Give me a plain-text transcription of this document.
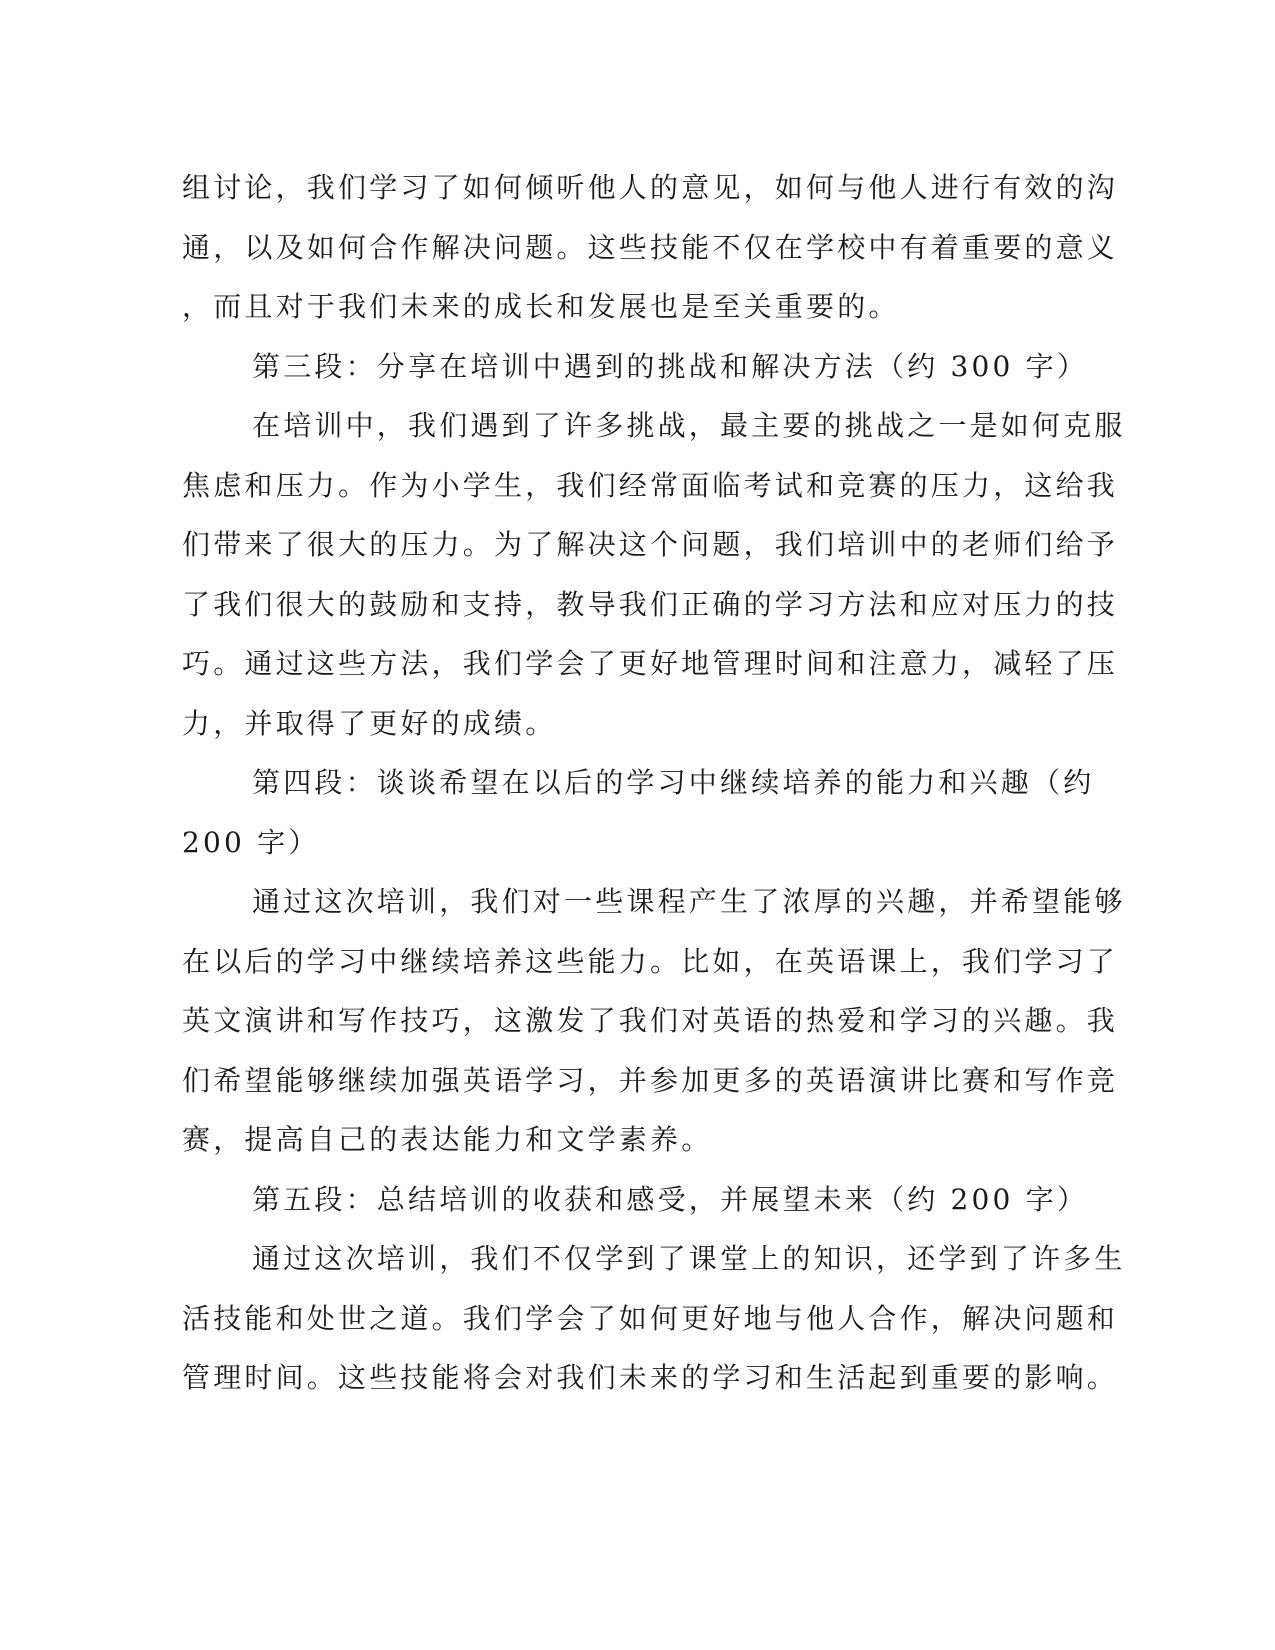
组讨论，我们学习了如何倾听他人的意见，如何与他人进行有效的沟
通，以及如何合作解决问题。这些技能不仅在学校中有着重要的意义
，而且对于我们未来的成长和发展也是至关重要的。
第三段：分享在培训中遇到的挑战和解决方法（约 300 字）
在培训中，我们遇到了许多挑战，最主要的挑战之一是如何克服
焦虑和压力。作为小学生，我们经常面临考试和竞赛的压力，这给我
们带来了很大的压力。为了解决这个问题，我们培训中的老师们给予
了我们很大的鼓励和支持，教导我们正确的学习方法和应对压力的技
巧。通过这些方法，我们学会了更好地管理时间和注意力，减轻了压
力，并取得了更好的成绩。
第四段：谈谈希望在以后的学习中继续培养的能力和兴趣（约
200 字）
通过这次培训，我们对一些课程产生了浓厚的兴趣，并希望能够
在以后的学习中继续培养这些能力。比如，在英语课上，我们学习了
英文演讲和写作技巧，这激发了我们对英语的热爱和学习的兴趣。我
们希望能够继续加强英语学习，并参加更多的英语演讲比赛和写作竞
赛，提高自己的表达能力和文学素养。
第五段：总结培训的收获和感受，并展望未来（约 200 字）
通过这次培训，我们不仅学到了课堂上的知识，还学到了许多生
活技能和处世之道。我们学会了如何更好地与他人合作，解决问题和
管理时间。这些技能将会对我们未来的学习和生活起到重要的影响。
